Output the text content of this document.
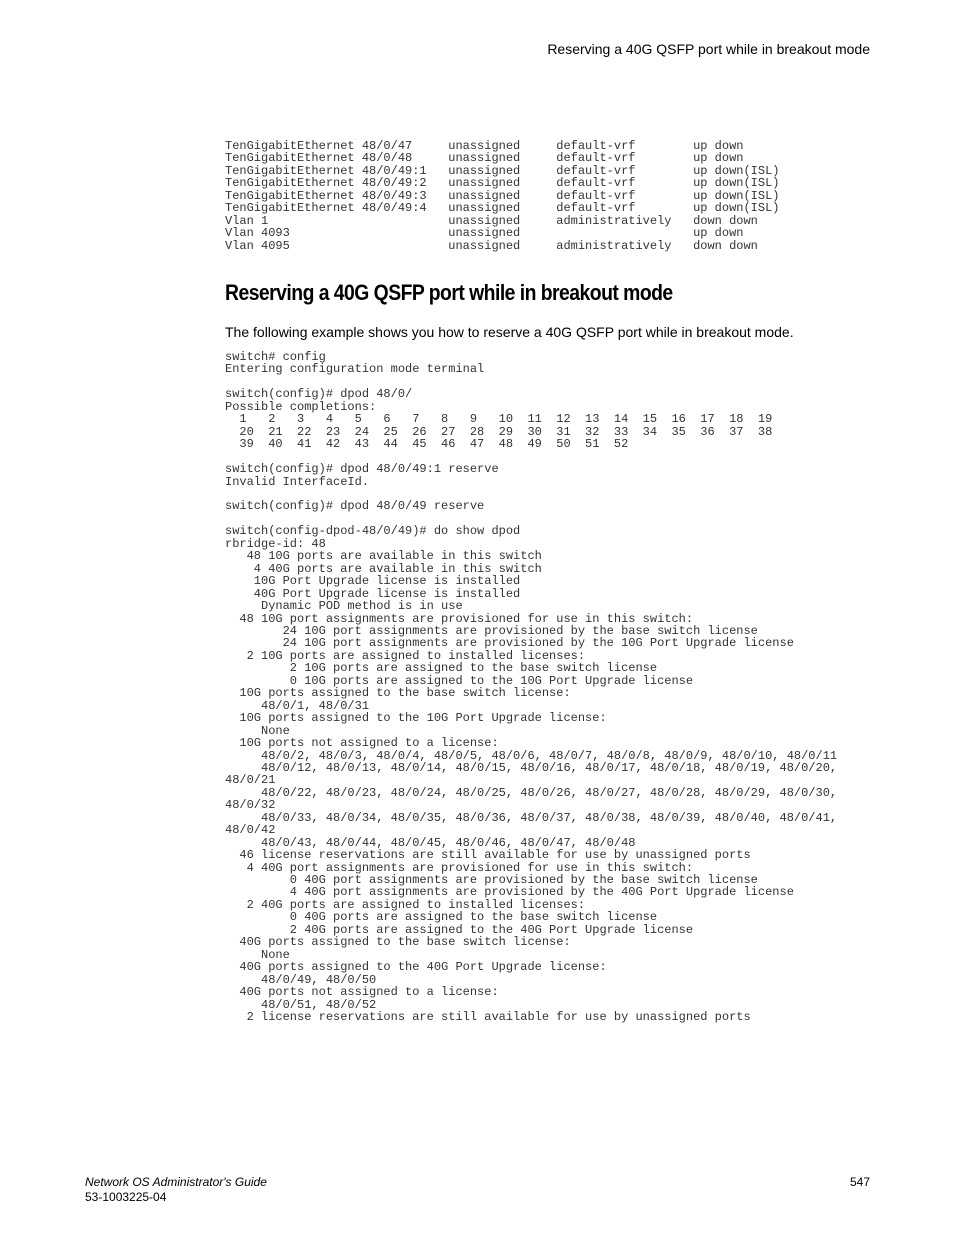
Reserving a 40G QSFP port while in breakout mode
TenGigabitEthernet 48/0/47     unassigned     default-vrf        up down
TenGigabitEthernet 48/0/48     unassigned     default-vrf        up down
TenGigabitEthernet 48/0/49:1   unassigned     default-vrf        up down(ISL)
TenGigabitEthernet 48/0/49:2   unassigned     default-vrf        up down(ISL)
TenGigabitEthernet 48/0/49:3   unassigned     default-vrf        up down(ISL)
TenGigabitEthernet 48/0/49:4   unassigned     default-vrf        up down(ISL)
Vlan 1                         unassigned     administratively   down down
Vlan 4093                      unassigned                        up down
Vlan 4095                      unassigned     administratively   down down
Reserving a 40G QSFP port while in breakout mode

The following example shows you how to reserve a 40G QSFP port while in breakout mode.

switch# config
Entering configuration mode terminal

switch(config)# dpod 48/0/
Possible completions:
1   2   3   4   5   6   7   8   9   10  11  12  13  14  15  16  17  18  19
20  21  22  23  24  25  26  27  28  29  30  31  32  33  34  35  36  37  38
39  40  41  42  43  44  45  46  47  48  49  50  51  52

switch(config)# dpod 48/0/49:1 reserve
Invalid InterfaceId.

switch(config)# dpod 48/0/49 reserve

switch(config-dpod-48/0/49)# do show dpod
rbridge-id: 48
48 10G ports are available in this switch
4 40G ports are available in this switch
10G Port Upgrade license is installed
40G Port Upgrade license is installed
Dynamic POD method is in use
48 10G port assignments are provisioned for use in this switch:
24 10G port assignments are provisioned by the base switch license
24 10G port assignments are provisioned by the 10G Port Upgrade license
2 10G ports are assigned to installed licenses:
2 10G ports are assigned to the base switch license
0 10G ports are assigned to the 10G Port Upgrade license
10G ports assigned to the base switch license:
48/0/1, 48/0/31
10G ports assigned to the 10G Port Upgrade license:
None
10G ports not assigned to a license:
48/0/2, 48/0/3, 48/0/4, 48/0/5, 48/0/6, 48/0/7, 48/0/8, 48/0/9, 48/0/10, 48/0/11
48/0/12, 48/0/13, 48/0/14, 48/0/15, 48/0/16, 48/0/17, 48/0/18, 48/0/19, 48/0/20,
48/0/21
48/0/22, 48/0/23, 48/0/24, 48/0/25, 48/0/26, 48/0/27, 48/0/28, 48/0/29, 48/0/30,
48/0/32
48/0/33, 48/0/34, 48/0/35, 48/0/36, 48/0/37, 48/0/38, 48/0/39, 48/0/40, 48/0/41,
48/0/42
48/0/43, 48/0/44, 48/0/45, 48/0/46, 48/0/47, 48/0/48
46 license reservations are still available for use by unassigned ports
4 40G port assignments are provisioned for use in this switch:
0 40G port assignments are provisioned by the base switch license
4 40G port assignments are provisioned by the 40G Port Upgrade license
2 40G ports are assigned to installed licenses:
0 40G ports are assigned to the base switch license
2 40G ports are assigned to the 40G Port Upgrade license
40G ports assigned to the base switch license:
None
40G ports assigned to the 40G Port Upgrade license:
48/0/49, 48/0/50
40G ports not assigned to a license:
48/0/51, 48/0/52
2 license reservations are still available for use by unassigned ports
Network OS Administrator's Guide
53-1003225-04
547
